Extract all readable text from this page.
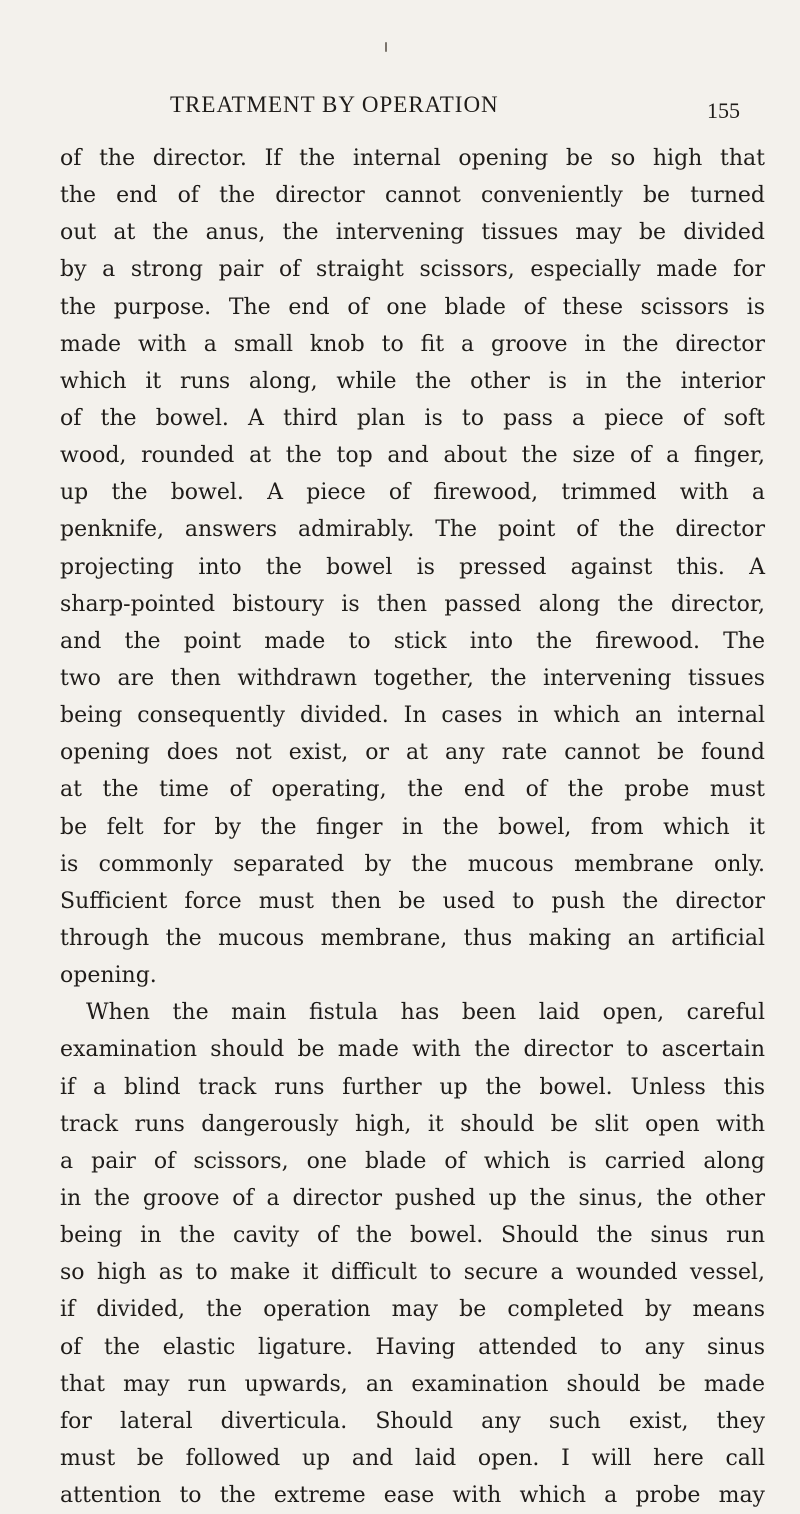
TREATMENT BY OPERATION	155
of the director. If the internal opening be so high that
the end of the director cannot conveniently be turned
out at the anus, the intervening tissues may be divided
by a strong pair of straight scissors, especially made for
the purpose. The end of one blade of these scissors is
made with a small knob to fit a groove in the director
which it runs along, while the other is in the interior
of the bowel. A third plan is to pass a piece of soft
wood, rounded at the top and about the size of a finger,
up the bowel. A piece of firewood, trimmed with a
penknife, answers admirably. The point of the director
projecting into the bowel is pressed against this. A
sharp-pointed bistoury is then passed along the director,
and the point made to stick into the firewood. The
two are then withdrawn together, the intervening tissues
being consequently divided. In cases in which an internal
opening does not exist, or at any rate cannot be found
at the time of operating, the end of the probe must
be felt for by the finger in the bowel, from which it
is commonly separated by the mucous membrane only.
Sufficient force must then be used to push the director
through the mucous membrane, thus making an artificial
opening.
When the main fistula has been laid open, careful
examination should be made with the director to ascertain
if a blind track runs further up the bowel. Unless this
track runs dangerously high, it should be slit open with
a pair of scissors, one blade of which is carried along
in the groove of a director pushed up the sinus, the other
being in the cavity of the bowel. Should the sinus run
so high as to make it difficult to secure a wounded vessel,
if divided, the operation may be completed by means
of the elastic ligature. Having attended to any sinus
that may run upwards, an examination should be made
for lateral diverticula. Should any such exist, they
must be followed up and laid open. I will here call
attention to the extreme ease with which a probe may
